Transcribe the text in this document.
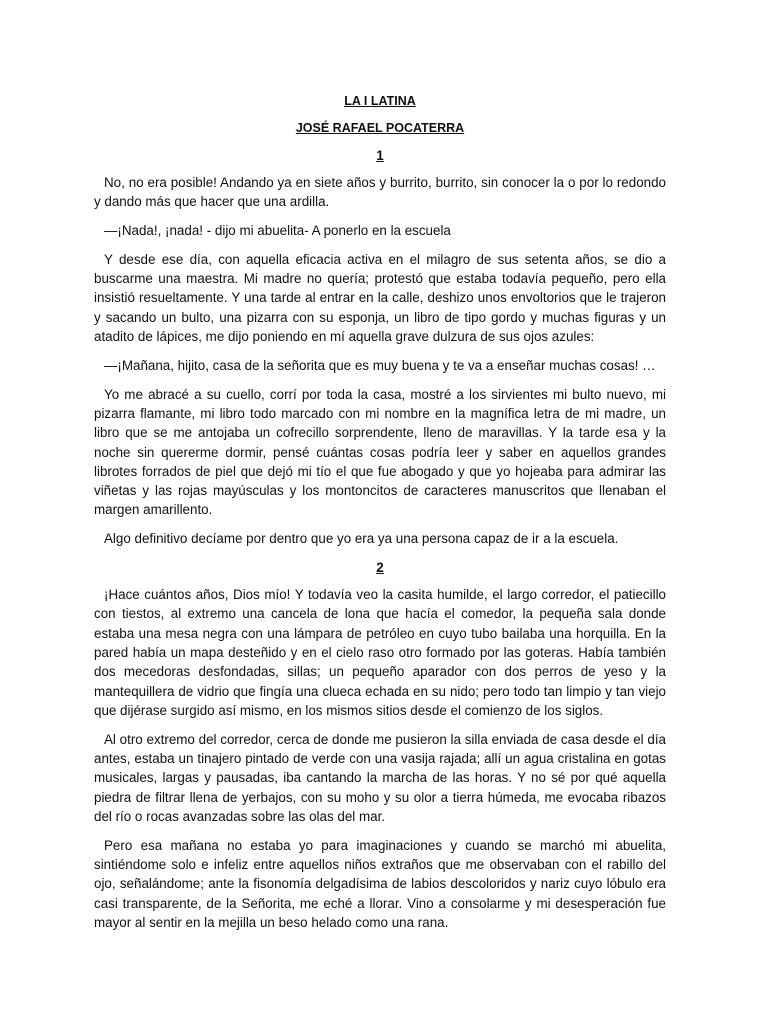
LA I LATINA
JOSÉ RAFAEL POCATERRA
1

No, no era posible! Andando ya en siete años y burrito, burrito, sin conocer la o por lo redondo y dando más que hacer que una ardilla.

—¡Nada!, ¡nada! - dijo mi abuelita- A ponerlo en la escuela

Y desde ese día, con aquella eficacia activa en el milagro de sus setenta años, se dio a buscarme una maestra. Mi madre no quería; protestó que estaba todavía pequeño, pero ella insistió resueltamente. Y una tarde al entrar en la calle, deshizo unos envoltorios que le trajeron y sacando un bulto, una pizarra con su esponja, un libro de tipo gordo y muchas figuras y un atadito de lápices, me dijo poniendo en mí aquella grave dulzura de sus ojos azules:

—¡Mañana, hijito, casa de la señorita que es muy buena y te va a enseñar muchas cosas! …

Yo me abracé a su cuello, corrí por toda la casa, mostré a los sirvientes mi bulto nuevo, mi pizarra flamante, mi libro todo marcado con mi nombre en la magnífica letra de mi madre, un libro que se me antojaba un cofrecillo sorprendente, lleno de maravillas. Y la tarde esa y la noche sin quererme dormir, pensé cuántas cosas podría leer y saber en aquellos grandes librotes forrados de piel que dejó mi tío el que fue abogado y que yo hojeaba para admirar las viñetas y las rojas mayúsculas y los montoncitos de caracteres manuscritos que llenaban el margen amarillento.

Algo definitivo decíame por dentro que yo era ya una persona capaz de ir a la escuela.

2

¡Hace cuántos años, Dios mío! Y todavía veo la casita humilde, el largo corredor, el patiecillo con tiestos, al extremo una cancela de lona que hacía el comedor, la pequeña sala donde estaba una mesa negra con una lámpara de petróleo en cuyo tubo bailaba una horquilla. En la pared había un mapa desteñido y en el cielo raso otro formado por las goteras. Había también dos mecedoras desfondadas, sillas; un pequeño aparador con dos perros de yeso y la mantequillera de vidrio que fingía una clueca echada en su nido; pero todo tan limpio y tan viejo que dijérase surgido así mismo, en los mismos sitios desde el comienzo de los siglos.

Al otro extremo del corredor, cerca de donde me pusieron la silla enviada de casa desde el día antes, estaba un tinajero pintado de verde con una vasija rajada; allí un agua cristalina en gotas musicales, largas y pausadas, iba cantando la marcha de las horas. Y no sé por qué aquella piedra de filtrar llena de yerbajos, con su moho y su olor a tierra húmeda, me evocaba ribazos del río o rocas avanzadas sobre las olas del mar.

Pero esa mañana no estaba yo para imaginaciones y cuando se marchó mi abuelita, sintiéndome solo e infeliz entre aquellos niños extraños que me observaban con el rabillo del ojo, señalándome; ante la fisonomía delgadísima de labios descoloridos y nariz cuyo lóbulo era casi transparente, de la Señorita, me eché a llorar. Vino a consolarme y mi desesperación fue mayor al sentir en la mejilla un beso helado como una rana.
